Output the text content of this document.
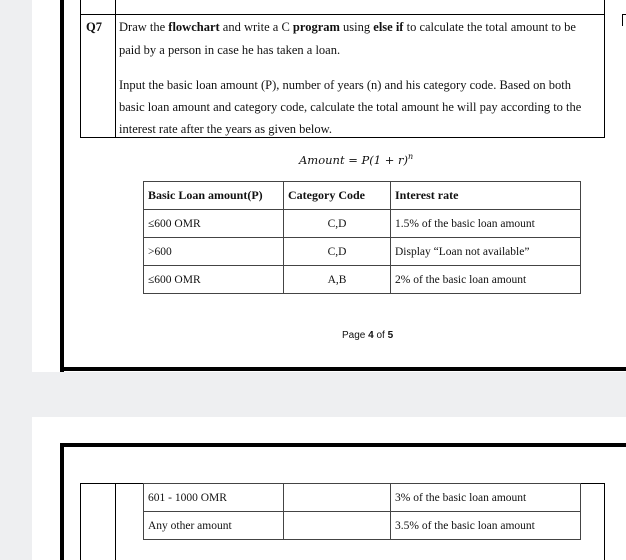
Q7 Draw the flowchart and write a C program using else if to calculate the total amount to be
paid by a person in case he has taken a loan.
Input the basic loan amount (P), number of years (n) and his category code. Based on both
basic loan amount and category code, calculate the total amount he will pay according to the
interest rate after the years as given below.
Amount = $P(1 + r)^n$
Basic Loan amount(P)	Category Code	Interest rate
≤600 OMR	C,D	1.5% of the basic loan amount
>600	C,D	Display “Loan not available”
≤600 OMR	A,B	2% of the basic loan amount
Page 4 of 5
601 - 1000 OMR		3% of the basic loan amount
Any other amount		3.5% of the basic loan amount
